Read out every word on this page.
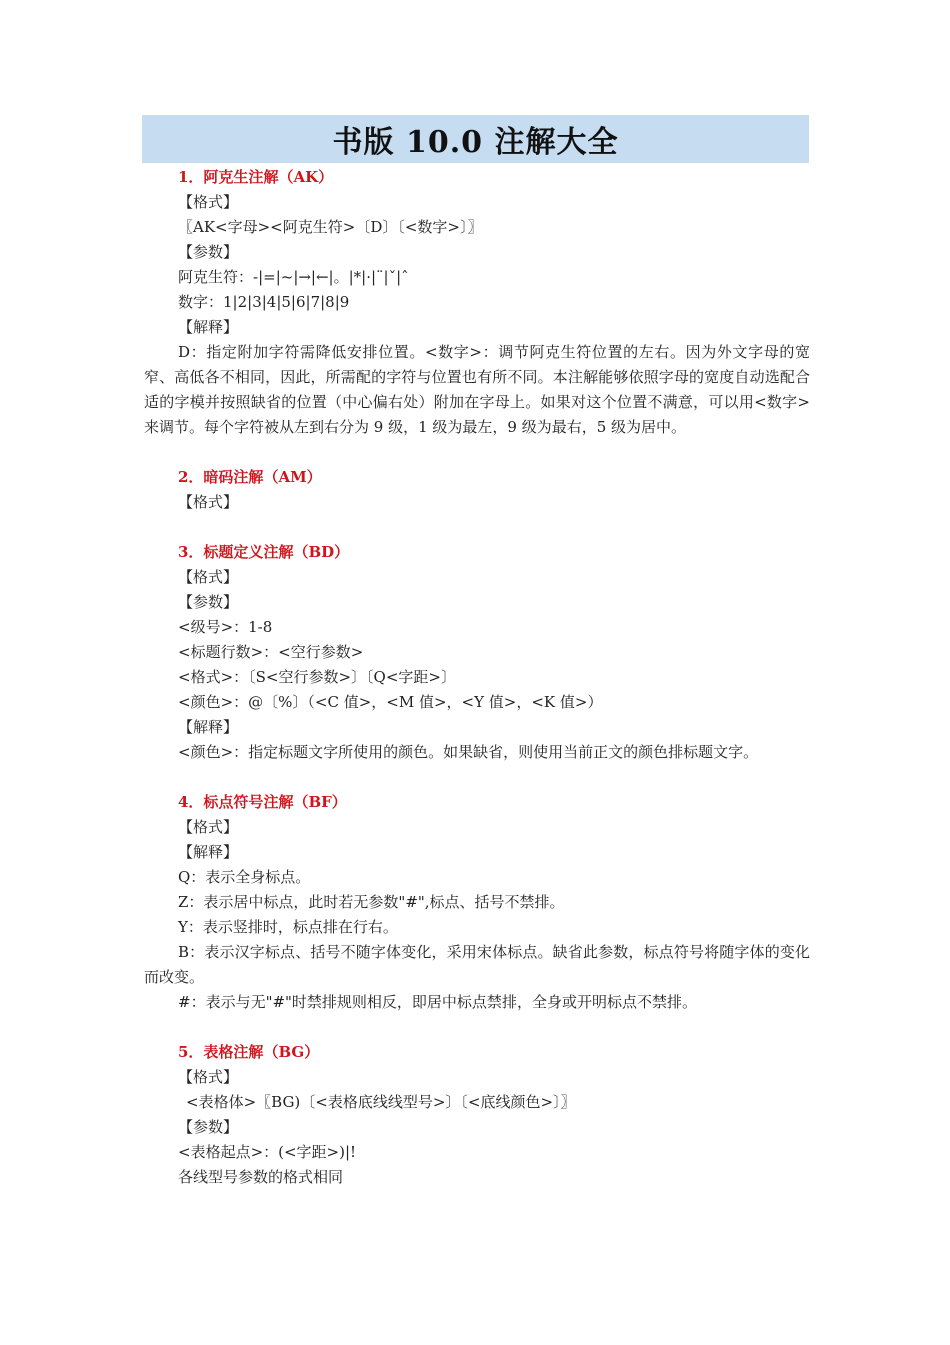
书版 10.0 注解大全
1．阿克生注解（AK）
【格式】
〖AK<字母><阿克生符>〔D〕〔<数字>〕〗
【参数】
阿克生符：-|=|~|→|←|。|*|·|¨|ˇ|ˆ
数字：1|2|3|4|5|6|7|8|9
【解释】

D：指定附加字符需降低安排位置。<数字>：调节阿克生符位置的左右。因为外文字母的宽窄、高低各不相同，因此，所需配的字符与位置也有所不同。本注解能够依照字母的宽度自动选配合适的字模并按照缺省的位置（中心偏右处）附加在字母上。如果对这个位置不满意，可以用<数字>来调节。每个字符被从左到右分为 9 级，1 级为最左，9 级为最右，5 级为居中。

2．暗码注解（AM）
【格式】
3．标题定义注解（BD）
【格式】
【参数】
<级号>：1-8
<标题行数>：<空行参数>
<格式>：〔S<空行参数>〕〔Q<字距>〕
<颜色>：@〔%〕（<C 值>，<M 值>，<Y 值>，<K 值>）
【解释】
<颜色>：指定标题文字所使用的颜色。如果缺省，则使用当前正文的颜色排标题文字。
4．标点符号注解（BF）
【格式】
【解释】
Q：表示全身标点。
Z：表示居中标点，此时若无参数"#",标点、括号不禁排。
Y：表示竖排时，标点排在行右。

B：表示汉字标点、括号不随字体变化，采用宋体标点。缺省此参数，标点符号将随字体的变化而改变。

#：表示与无"#"时禁排规则相反，即居中标点禁排，全身或开明标点不禁排。
5．表格注解（BG）
【格式】
<表格体>〖BG)〔<表格底线线型号>〕〔<底线颜色>〕〗
【参数】
<表格起点>：(<字距>)|!
各线型号参数的格式相同
